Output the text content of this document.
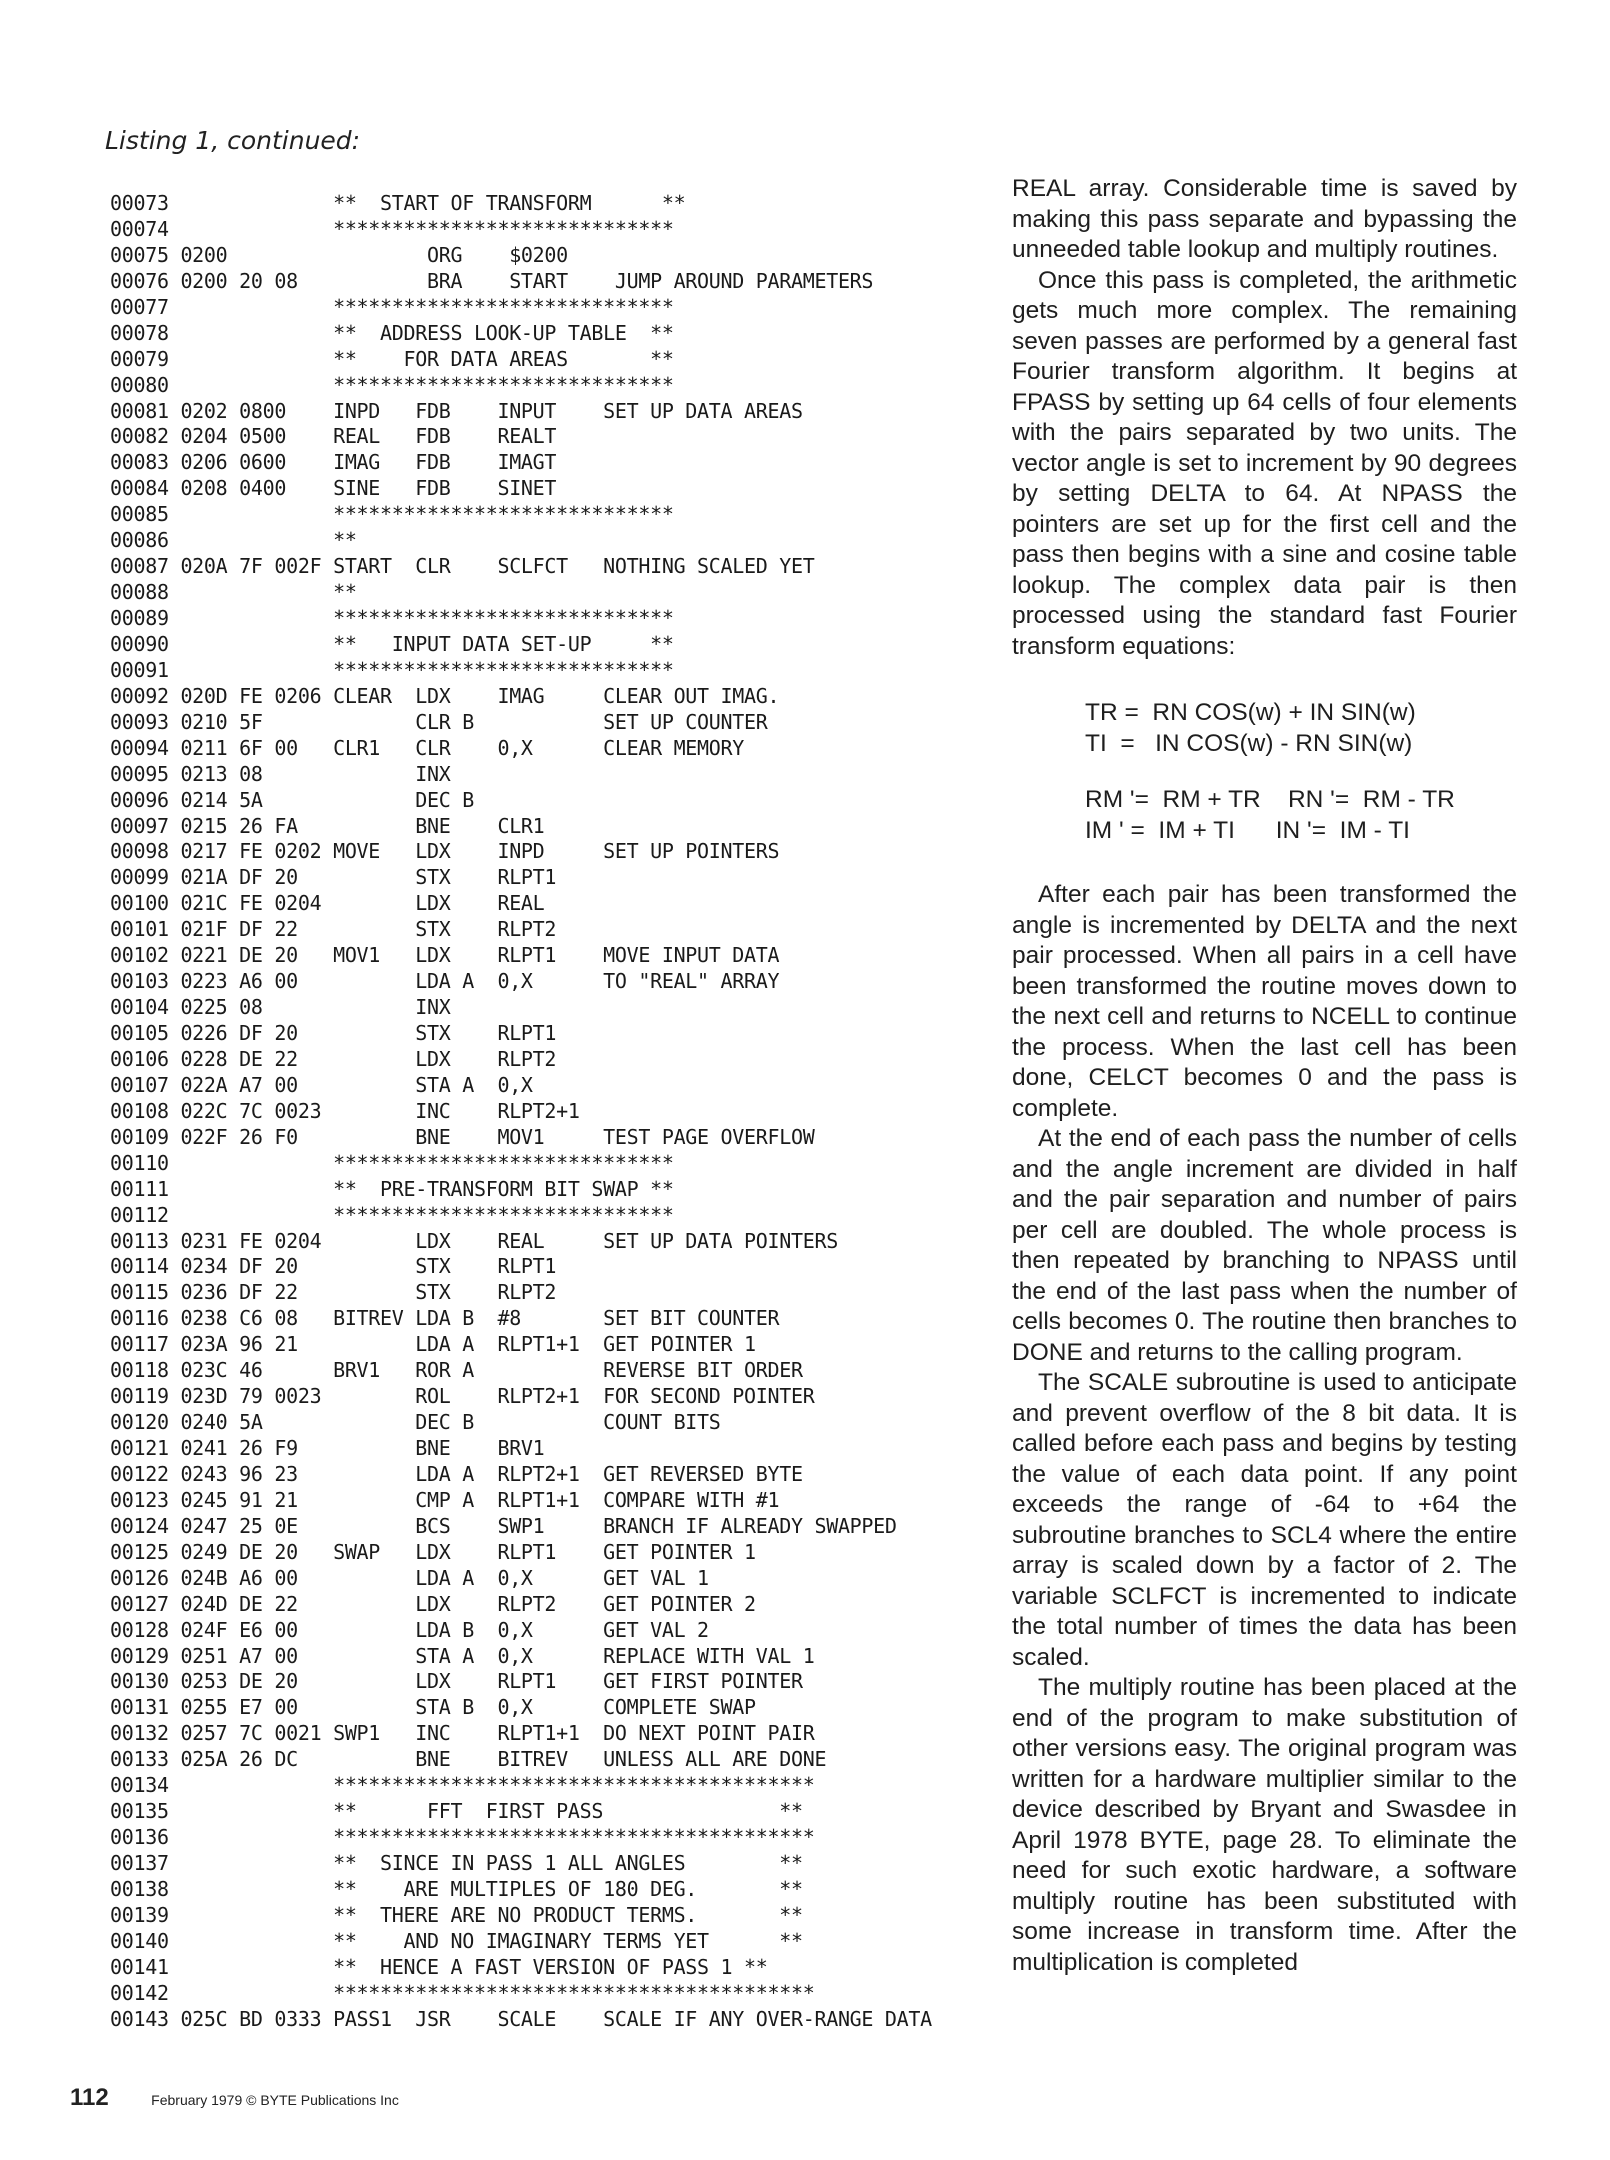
Listing 1, continued:
00073              **  START OF TRANSFORM      **
00074              *****************************
00075 0200                 ORG    $0200
00076 0200 20 08           BRA    START    JUMP AROUND PARAMETERS
00077              *****************************
00078              **  ADDRESS LOOK-UP TABLE  **
00079              **    FOR DATA AREAS       **
00080              *****************************
00081 0202 0800    INPD   FDB    INPUT    SET UP DATA AREAS
00082 0204 0500    REAL   FDB    REALT
00083 0206 0600    IMAG   FDB    IMAGT
00084 0208 0400    SINE   FDB    SINET
00085              *****************************
00086              **
00087 020A 7F 002F START  CLR    SCLFCT   NOTHING SCALED YET
00088              **
00089              *****************************
00090              **   INPUT DATA SET-UP     **
00091              *****************************
00092 020D FE 0206 CLEAR  LDX    IMAG     CLEAR OUT IMAG.
00093 0210 5F             CLR B           SET UP COUNTER
00094 0211 6F 00   CLR1   CLR    0,X      CLEAR MEMORY
00095 0213 08             INX
00096 0214 5A             DEC B
00097 0215 26 FA          BNE    CLR1
00098 0217 FE 0202 MOVE   LDX    INPD     SET UP POINTERS
00099 021A DF 20          STX    RLPT1
00100 021C FE 0204        LDX    REAL
00101 021F DF 22          STX    RLPT2
00102 0221 DE 20   MOV1   LDX    RLPT1    MOVE INPUT DATA
00103 0223 A6 00          LDA A  0,X      TO "REAL" ARRAY
00104 0225 08             INX
00105 0226 DF 20          STX    RLPT1
00106 0228 DE 22          LDX    RLPT2
00107 022A A7 00          STA A  0,X
00108 022C 7C 0023        INC    RLPT2+1
00109 022F 26 F0          BNE    MOV1     TEST PAGE OVERFLOW
00110              *****************************
00111              **  PRE-TRANSFORM BIT SWAP **
00112              *****************************
00113 0231 FE 0204        LDX    REAL     SET UP DATA POINTERS
00114 0234 DF 20          STX    RLPT1
00115 0236 DF 22          STX    RLPT2
00116 0238 C6 08   BITREV LDA B  #8       SET BIT COUNTER
00117 023A 96 21          LDA A  RLPT1+1  GET POINTER 1
00118 023C 46      BRV1   ROR A           REVERSE BIT ORDER
00119 023D 79 0023        ROL    RLPT2+1  FOR SECOND POINTER
00120 0240 5A             DEC B           COUNT BITS
00121 0241 26 F9          BNE    BRV1
00122 0243 96 23          LDA A  RLPT2+1  GET REVERSED BYTE
00123 0245 91 21          CMP A  RLPT1+1  COMPARE WITH #1
00124 0247 25 0E          BCS    SWP1     BRANCH IF ALREADY SWAPPED
00125 0249 DE 20   SWAP   LDX    RLPT1    GET POINTER 1
00126 024B A6 00          LDA A  0,X      GET VAL 1
00127 024D DE 22          LDX    RLPT2    GET POINTER 2
00128 024F E6 00          LDA B  0,X      GET VAL 2
00129 0251 A7 00          STA A  0,X      REPLACE WITH VAL 1
00130 0253 DE 20          LDX    RLPT1    GET FIRST POINTER
00131 0255 E7 00          STA B  0,X      COMPLETE SWAP
00132 0257 7C 0021 SWP1   INC    RLPT1+1  DO NEXT POINT PAIR
00133 025A 26 DC          BNE    BITREV   UNLESS ALL ARE DONE
00134              *****************************************
00135              **      FFT  FIRST PASS               **
00136              *****************************************
00137              **  SINCE IN PASS 1 ALL ANGLES        **
00138              **    ARE MULTIPLES OF 180 DEG.       **
00139              **  THERE ARE NO PRODUCT TERMS.       **
00140              **    AND NO IMAGINARY TERMS YET      **
00141              **  HENCE A FAST VERSION OF PASS 1 **
00142              *****************************************
00143 025C BD 0333 PASS1  JSR    SCALE    SCALE IF ANY OVER-RANGE DATA

REAL array. Considerable time is saved by making this pass separate and bypassing the unneeded table lookup and multiply routines.

Once this pass is completed, the arithmetic gets much more complex. The remaining seven passes are performed by a general fast Fourier transform algorithm. It begins at FPASS by setting up 64 cells of four elements with the pairs separated by two units. The vector angle is set to increment by 90 degrees by setting DELTA to 64. At NPASS the pointers are set up for the first cell and the pass then begins with a sine and cosine table lookup. The complex data pair is then processed using the standard fast Fourier transform equations:

TR =  RN COS(w) + IN SIN(w)
TI  =   IN COS(w) - RN SIN(w)
RM '=  RM + TR    RN '=  RM - TR
IM ' =  IM + TI      IN '=  IM - TI

After each pair has been transformed the angle is incremented by DELTA and the next pair processed. When all pairs in a cell have been transformed the routine moves down to the next cell and returns to NCELL to continue the process. When the last cell has been done, CELCT becomes 0 and the pass is complete.

At the end of each pass the number of cells and the angle increment are divided in half and the pair separation and number of pairs per cell are doubled. The whole process is then repeated by branching to NPASS until the end of the last pass when the number of cells becomes 0. The routine then branches to DONE and returns to the calling program.

The SCALE subroutine is used to anticipate and prevent overflow of the 8 bit data. It is called before each pass and begins by testing the value of each data point. If any point exceeds the range of -64 to +64 the subroutine branches to SCL4 where the entire array is scaled down by a factor of 2. The variable SCLFCT is incremented to indicate the total number of times the data has been scaled.

The multiply routine has been placed at the end of the program to make substitution of other versions easy. The original program was written for a hardware multiplier similar to the device described by Bryant and Swasdee in April 1978 BYTE, page 28. To eliminate the need for such exotic hardware, a software multiply routine has been substituted with some increase in transform time. After the multiplication is completed

112	February 1979 © BYTE Publications Inc
